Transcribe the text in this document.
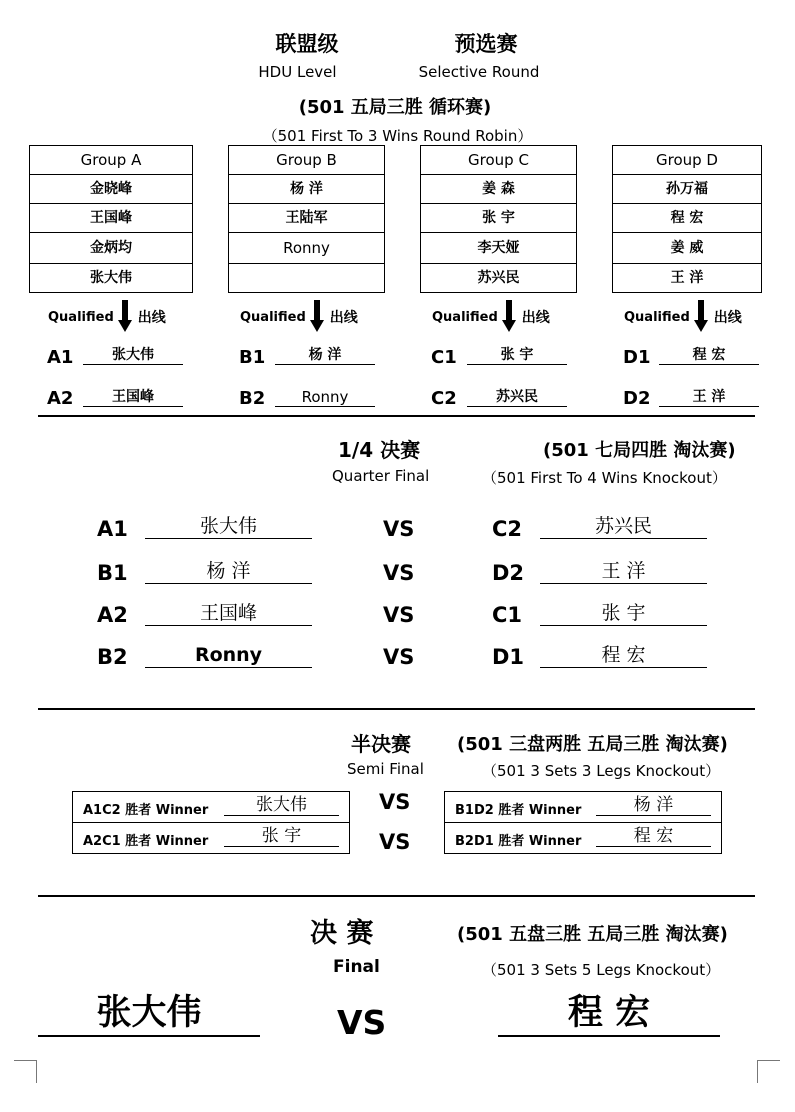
联盟级	预选赛
HDU Level	Selective Round
(501 五局三胜 循环赛)
（501 First To 3 Wins Round Robin）
Group A
金晓峰
王国峰
金炳均
张大伟
Group B
杨 洋
王陆军
Ronny

Group C
姜 森
张 宇
李天娅
苏兴民
Group D
孙万福
程 宏
姜 威
王 洋
Qualified 出线	Qualified 出线	Qualified 出线	Qualified 出线
A1	张大伟
A2	王国峰
B1	杨 洋
B2	Ronny
C1	张 宇
C2	苏兴民
D1	程 宏
D2	王 洋
1/4 决赛	(501 七局四胜 淘汰赛)
Quarter Final	（501 First To 4 Wins Knockout）
A1	张大伟	VS	C2	苏兴民
B1	杨 洋	VS	D2	王 洋
A2	王国峰	VS	C1	张 宇
B2	Ronny	VS	D1	程 宏
半决赛	(501 三盘两胜 五局三胜 淘汰赛)
Semi Final	（501 3 Sets 3 Legs Knockout）
A1C2 胜者 Winner	张大伟
A2C1 胜者 Winner	张 宇
VS
VS
B1D2 胜者 Winner	杨 洋
B2D1 胜者 Winner	程 宏
决 赛	(501 五盘三胜 五局三胜 淘汰赛)
Final	（501 3 Sets 5 Legs Knockout）
张大伟	VS	程 宏
